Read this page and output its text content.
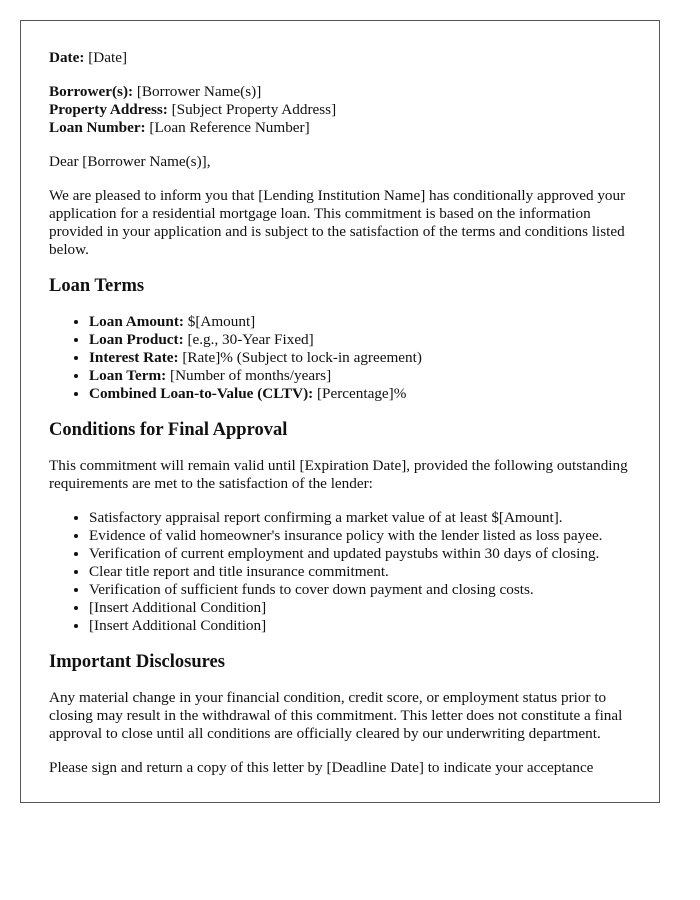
Date: [Date]

Borrower(s): [Borrower Name(s)]

Property Address: [Subject Property Address]

Loan Number: [Loan Reference Number]

Dear [Borrower Name(s)],

We are pleased to inform you that [Lending Institution Name] has conditionally approved your application for a residential mortgage loan. This commitment is based on the information provided in your application and is subject to the satisfaction of the terms and conditions listed below.

Loan Terms
• Loan Amount: $[Amount]
• Loan Product: [e.g., 30-Year Fixed]
• Interest Rate: [Rate]% (Subject to lock-in agreement)
• Loan Term: [Number of months/years]
• Combined Loan-to-Value (CLTV): [Percentage]%
Conditions for Final Approval

This commitment will remain valid until [Expiration Date], provided the following outstanding requirements are met to the satisfaction of the lender:

• Satisfactory appraisal report confirming a market value of at least $[Amount].
• Evidence of valid homeowner's insurance policy with the lender listed as loss payee.
• Verification of current employment and updated paystubs within 30 days of closing.
• Clear title report and title insurance commitment.
• Verification of sufficient funds to cover down payment and closing costs.
• [Insert Additional Condition]
• [Insert Additional Condition]
Important Disclosures

Any material change in your financial condition, credit score, or employment status prior to closing may result in the withdrawal of this commitment. This letter does not constitute a final approval to close until all conditions are officially cleared by our underwriting department.

Please sign and return a copy of this letter by [Deadline Date] to indicate your acceptance
